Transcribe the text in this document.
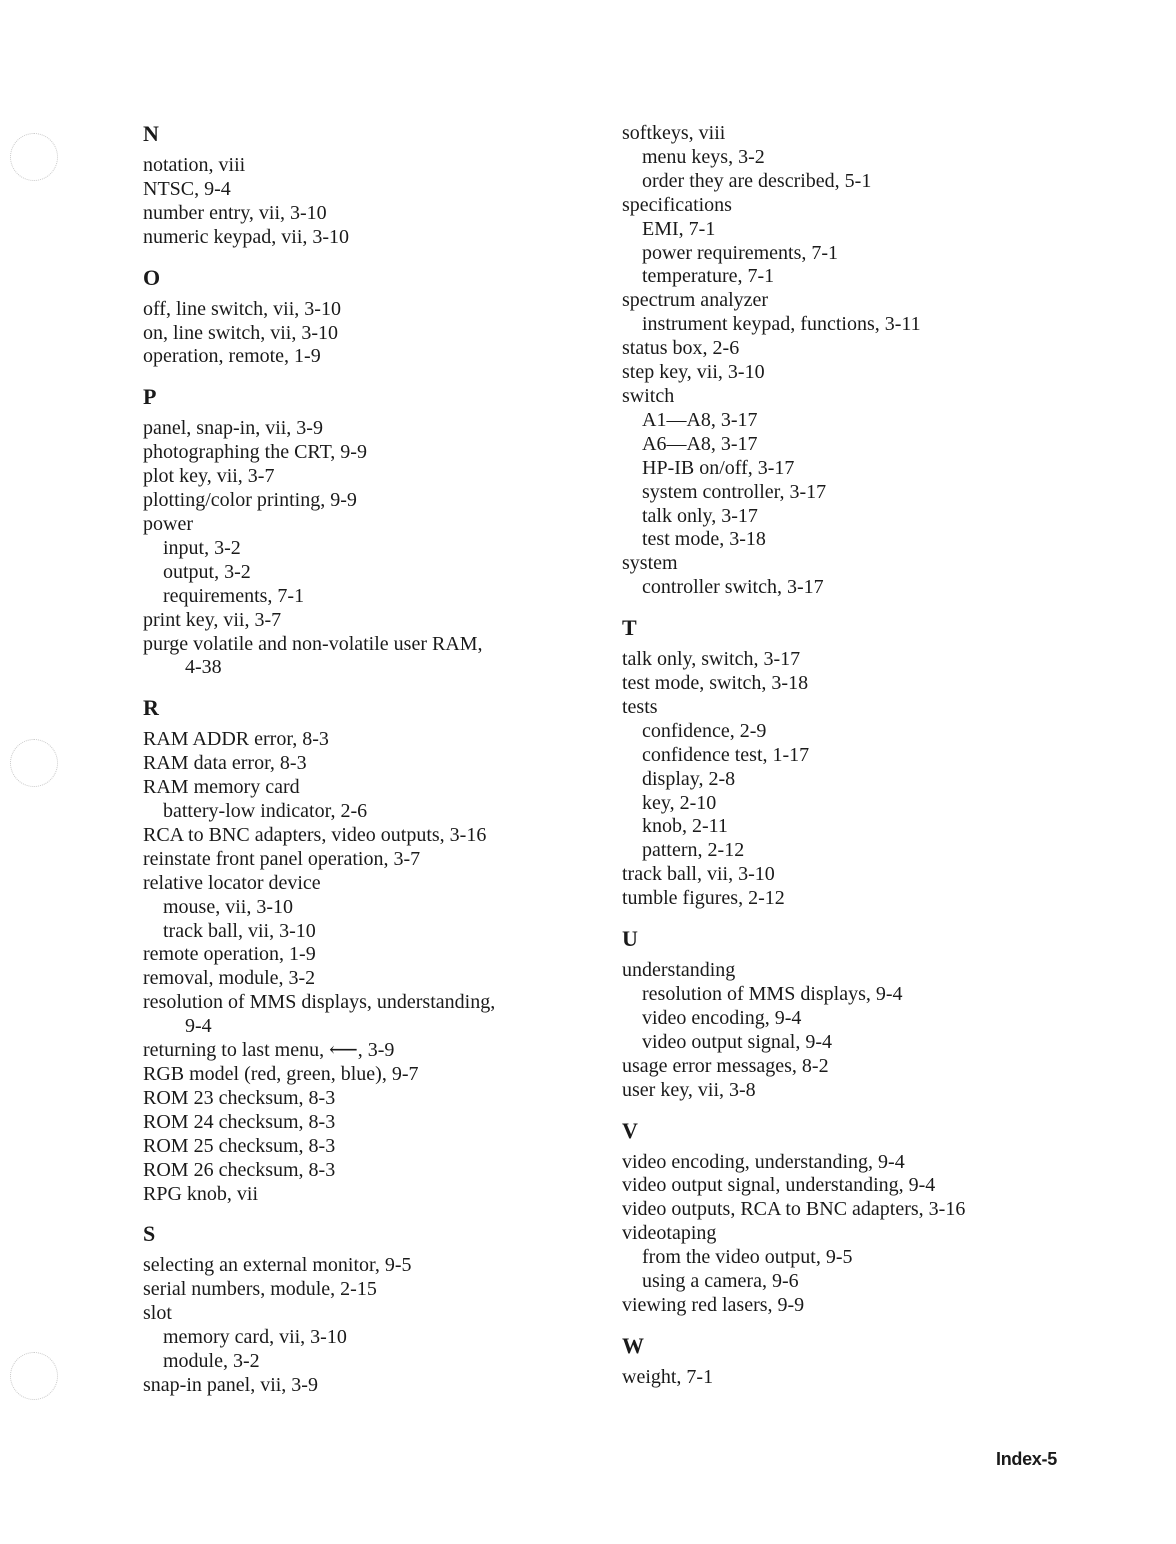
N
notation, viii
NTSC, 9-4
number entry, vii, 3-10
numeric keypad, vii, 3-10
O
off, line switch, vii, 3-10
on, line switch, vii, 3-10
operation, remote, 1-9
P
panel, snap-in, vii, 3-9
photographing the CRT, 9-9
plot key, vii, 3-7
plotting/color printing, 9-9
power
input, 3-2
output, 3-2
requirements, 7-1
print key, vii, 3-7
purge volatile and non-volatile user RAM,
4-38
R
RAM ADDR error, 8-3
RAM data error, 8-3
RAM memory card
battery-low indicator, 2-6
RCA to BNC adapters, video outputs, 3-16
reinstate front panel operation, 3-7
relative locator device
mouse, vii, 3-10
track ball, vii, 3-10
remote operation, 1-9
removal, module, 3-2
resolution of MMS displays, understanding,
9-4
returning to last menu, ⟵, 3-9
RGB model (red, green, blue), 9-7
ROM 23 checksum, 8-3
ROM 24 checksum, 8-3
ROM 25 checksum, 8-3
ROM 26 checksum, 8-3
RPG knob, vii
S
selecting an external monitor, 9-5
serial numbers, module, 2-15
slot
memory card, vii, 3-10
module, 3-2
snap-in panel, vii, 3-9
softkeys, viii
menu keys, 3-2
order they are described, 5-1
specifications
EMI, 7-1
power requirements, 7-1
temperature, 7-1
spectrum analyzer
instrument keypad, functions, 3-11
status box, 2-6
step key, vii, 3-10
switch
A1—A8, 3-17
A6—A8, 3-17
HP-IB on/off, 3-17
system controller, 3-17
talk only, 3-17
test mode, 3-18
system
controller switch, 3-17
T
talk only, switch, 3-17
test mode, switch, 3-18
tests
confidence, 2-9
confidence test, 1-17
display, 2-8
key, 2-10
knob, 2-11
pattern, 2-12
track ball, vii, 3-10
tumble figures, 2-12
U
understanding
resolution of MMS displays, 9-4
video encoding, 9-4
video output signal, 9-4
usage error messages, 8-2
user key, vii, 3-8
V
video encoding, understanding, 9-4
video output signal, understanding, 9-4
video outputs, RCA to BNC adapters, 3-16
videotaping
from the video output, 9-5
using a camera, 9-6
viewing red lasers, 9-9
W
weight, 7-1
Index-5
